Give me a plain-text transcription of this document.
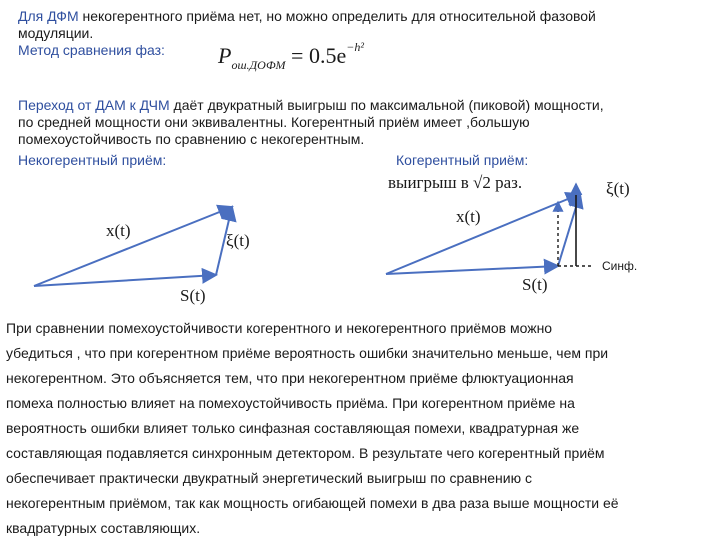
Для ДФМ некогерентного приёма нет, но можно определить для относительной фазовой
модуляции.
Метод сравнения фаз: $P_{ош.ДОФМ} = 0.5e^{-h^2}$
Переход от ДАМ к ДЧМ даёт двукратный выигрыш по максимальной (пиковой) мощности,
по средней мощности они эквивалентны. Когерентный приём имеет ,большую
помехоустойчивость по сравнению с некогерентным.
Некогерентный приём:	Когерентный приём:
x(t)
ξ(t)
S(t)
выигрыш в √2 раз.
x(t)
ξ(t)
S(t)
Синф.
При сравнении помехоустойчивости когерентного и некогерентного приёмов можно
убедиться , что при когерентном приёме вероятность ошибки значительно меньше, чем при
некогерентном. Это объясняется тем, что при некогерентном приёме флюктуационная
помеха полностью влияет на помехоустойчивость приёма. При когерентном приёме на
вероятность ошибки влияет только синфазная составляющая помехи, квадратурная же
составляющая подавляется синхронным детектором. В результате чего когерентный приём
обеспечивает практически двукратный энергетический выигрыш по сравнению с
некогерентным приёмом, так как мощность огибающей помехи в два раза выше мощности её
квадратурных составляющих.
